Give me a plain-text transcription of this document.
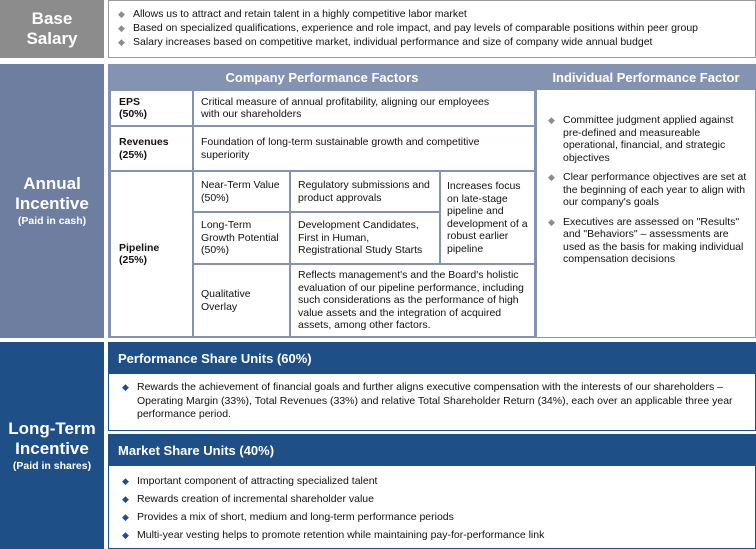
Base Salary
◆ Allows us to attract and retain talent in a highly competitive labor market
◆ Based on specialized qualifications, experience and role impact, and pay levels of comparable positions within peer group
◆ Salary increases based on competitive market, individual performance and size of company wide annual budget
Annual Incentive
(Paid in cash)
Company Performance Factors	Individual Performance Factor
EPS
(50%)
Critical measure of annual profitability, aligning our employees with our shareholders
Revenues
(25%)
Foundation of long-term sustainable growth and competitive superiority
Pipeline
(25%)
Near-Term Value (50%)
Regulatory submissions and product approvals
Long-Term Growth Potential (50%)
Development Candidates, First in Human, Registrational Study Starts
Increases focus on late-stage pipeline and development of a robust earlier pipeline
Qualitative Overlay
Reflects management's and the Board's holistic evaluation of our pipeline performance, including such considerations as the performance of high value assets and the integration of acquired assets, among other factors.
◆ Committee judgment applied against pre-defined and measureable operational, financial, and strategic objectives
◆ Clear performance objectives are set at the beginning of each year to align with our company's goals
◆ Executives are assessed on "Results" and "Behaviors" – assessments are used as the basis for making individual compensation decisions
Long-Term Incentive
(Paid in shares)
Performance Share Units (60%)
◆ Rewards the achievement of financial goals and further aligns executive compensation with the interests of our shareholders – Operating Margin (33%), Total Revenues (33%) and relative Total Shareholder Return (34%), each over an applicable three year performance period.
Market Share Units (40%)
◆ Important component of attracting specialized talent
◆ Rewards creation of incremental shareholder value
◆ Provides a mix of short, medium and long-term performance periods
◆ Multi-year vesting helps to promote retention while maintaining pay-for-performance link
